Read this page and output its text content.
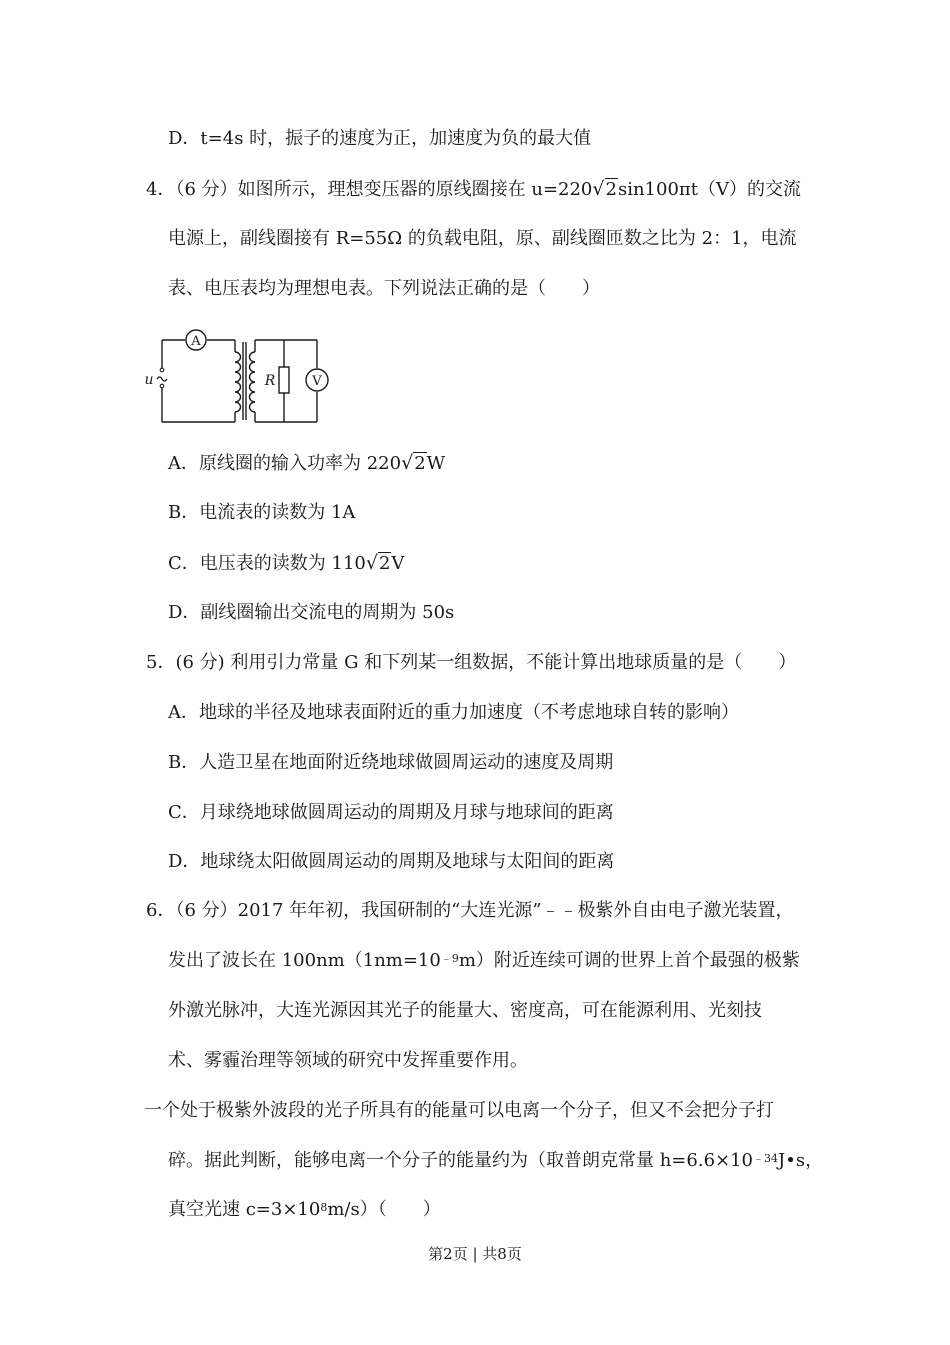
D．t=4s 时，振子的速度为正，加速度为负的最大值
4．（6 分）如图所示，理想变压器的原线圈接在 u=220√2sin100πt（V）的交流
电源上，副线圈接有 R=55Ω 的负载电阻，原、副线圈匝数之比为 2：1，电流
表、电压表均为理想电表。下列说法正确的是（　　）
A
V
R
u
A．原线圈的输入功率为 220√2W
B．电流表的读数为 1A
C．电压表的读数为 110√2V
D．副线圈输出交流电的周期为 50s
5．(6 分) 利用引力常量 G 和下列某一组数据，不能计算出地球质量的是（　　）
A．地球的半径及地球表面附近的重力加速度（不考虑地球自转的影响）
B．人造卫星在地面附近绕地球做圆周运动的速度及周期
C．月球绕地球做圆周运动的周期及月球与地球间的距离
D．地球绕太阳做圆周运动的周期及地球与太阳间的距离
6．（6 分）2017 年年初，我国研制的“大连光源”﹣﹣极紫外自由电子激光装置，
发出了波长在 $100nm(1nm=10^{﹣9}m)$附近连续可调的世界上首个最强的极紫
外激光脉冲，大连光源因其光子的能量大、密度高，可在能源利用、光刻技
术、雾霾治理等领域的研究中发挥重要作用。
一个处于极紫外波段的光子所具有的能量可以电离一个分子，但又不会把分子打
碎。据此判断，能够电离一个分子的能量约为（取普朗克常量 $h=6.6\times 10^{﹣34}J•s$，
真空光速 $c=3\times 10^8m/s$）（　　）
第2页 | 共8页
